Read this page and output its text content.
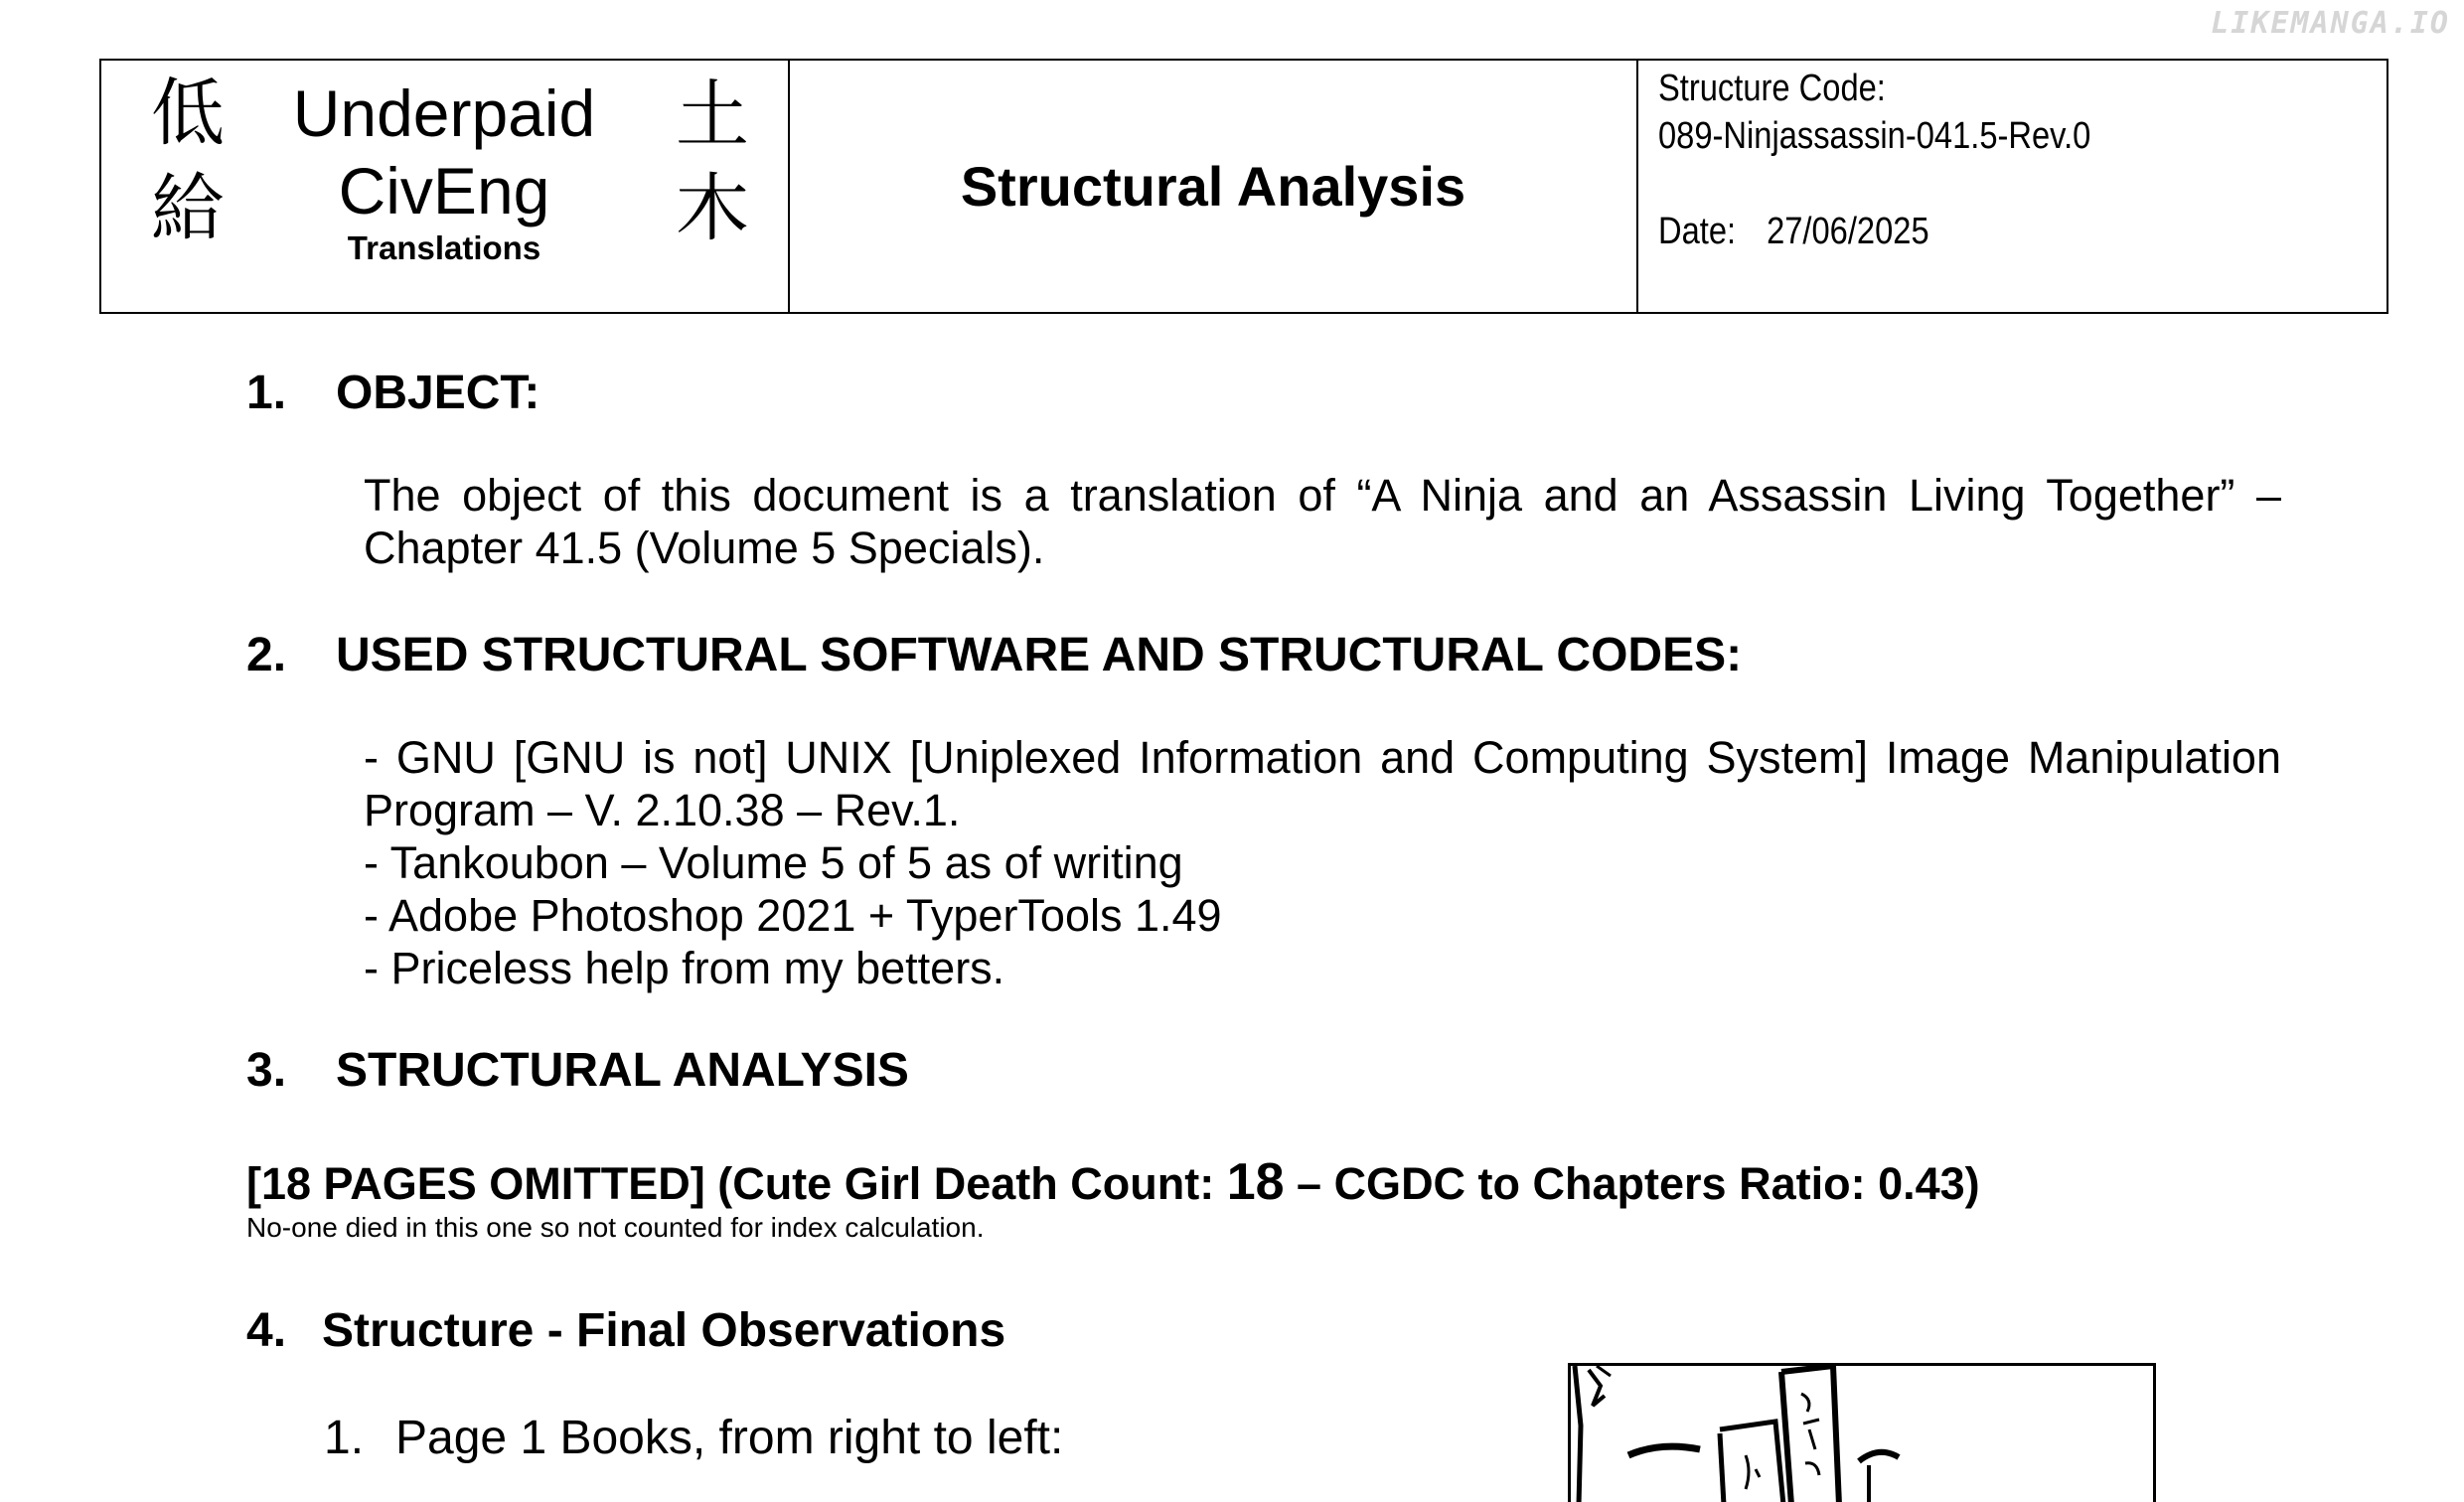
LIKEMANGA.IO
低
給
土
木
Underpaid
CivEng
Translations
Structural Analysis
Structure Code:
089-Ninjassassin-041.5-Rev.0
Date: 27/06/2025
1. OBJECT:
The object of this document is a translation of “A Ninja and an Assassin Living Together” –
Chapter 41.5 (Volume 5 Specials).
2. USED STRUCTURAL SOFTWARE AND STRUCTURAL CODES:
- GNU [GNU is not] UNIX [Uniplexed Information and Computing System] Image Manipulation
Program – V. 2.10.38 – Rev.1.
- Tankoubon – Volume 5 of 5 as of writing
- Adobe Photoshop 2021 + TyperTools 1.49
- Priceless help from my betters.
3. STRUCTURAL ANALYSIS
[18 PAGES OMITTED] (Cute Girl Death Count: 18 – CGDC to Chapters Ratio: 0.43)
No-one died in this one so not counted for index calculation.
4. Structure - Final Observations
1. Page 1 Books, from right to left:
